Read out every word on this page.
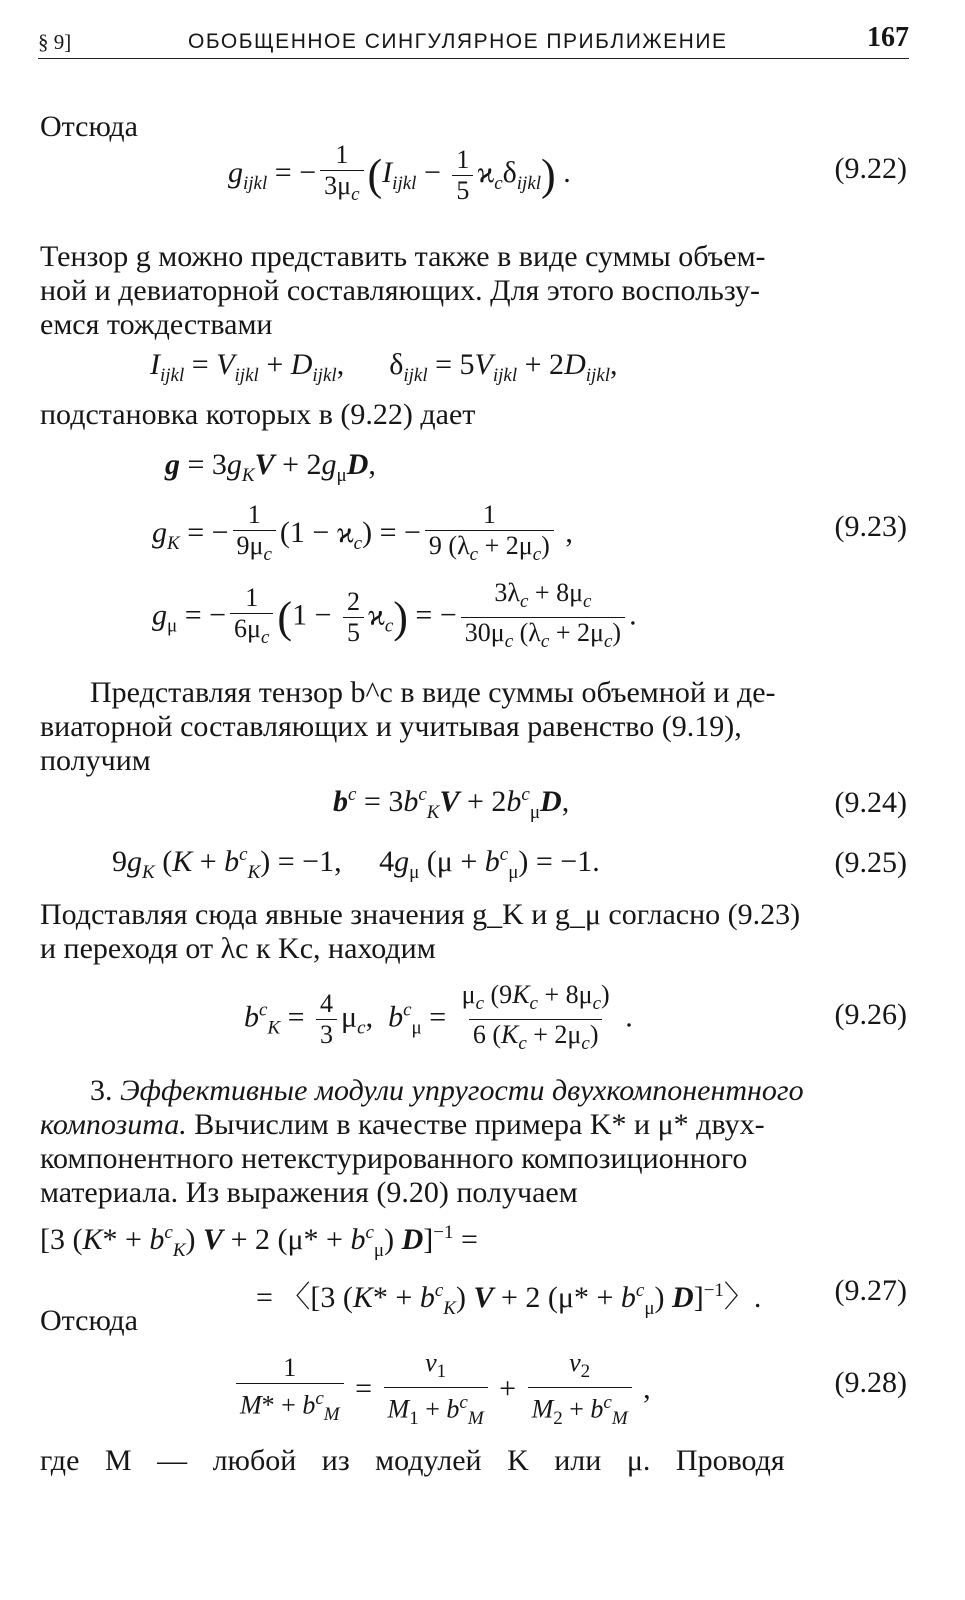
§ 9]	ОБОБЩЕННОЕ СИНГУЛЯРНОЕ ПРИБЛИЖЕНИЕ	167
Отсюда
$g_{ijkl}$ = − $\frac{1}{3\mu_c} (I_{ijkl} - \frac{1}{5} ϰ_c\delta_{ijkl})$ .	(9.22)
Тензор g можно представить также в виде суммы объем-
ной и девиаторной составляющих. Для этого воспользу-
емся тождествами
$I_{ijkl} = V_{ijkl} + D_{ijkl}$,      $\delta_{ijkl} = 5V_{ijkl} + 2D_{ijkl}$,
подстановка которых в (9.22) дает
$g = 3g_KV + 2g_\mu D$,
$g_K$ = − $\frac{1}{9\mu_c} (1 - ϰ_c)$ = − $\frac{1}{9 (\lambda_c + 2\mu_c)}$ ,	(9.23)
$g_\mu$ = − $\frac{1}{6\mu_c} (1 - \frac{2}{5} ϰ_c)$ = − $\frac{3\lambda_c + 8\mu_c}{30\mu_c (\lambda_c + 2\mu_c)}$ .
Представляя тензор b^c в виде суммы объемной и де-
виаторной составляющих и учитывая равенство (9.19),
получим
$b^c = 3b^c_KV + 2b^c_\mu D$,	(9.24)
$9g_K$ $(K + b^c_K) = -1$,     $4g_\mu$ $(\mu + b^c_\mu) = -1$.	(9.25)
Подставляя сюда явные значения g_K и g_μ согласно (9.23)
и переходя от λc к Kc, находим
$b^c_K = \frac{4}{3} \mu_c$,  $b^c_\mu = \frac{\mu_c (9K_c + 8\mu_c)}{6 (K_c + 2\mu_c)}$ .	(9.26)
3. Эффективные модули упругости двухкомпонентного
композита. Вычислим в качестве примера K* и μ* двух-
компонентного нетекстурированного композиционного
материала. Из выражения (9.20) получаем
[3 $(K* + b^c_K)$ V + 2 $(\mu* + b^c_\mu)$ D]$^{-1}$ =
= 〈[3 $(K* + b^c_K)$ V + 2 $(\mu* + b^c_\mu)$ D]$^{-1}$〉. (9.27)
Отсюда
$\frac{1}{M* + b^c_M} = \frac{v_1}{M_1 + b^c_M} + \frac{v_2}{M_2 + b^c_M}$ ,	(9.28)
где M — любой из модулей K или μ. Проводя
